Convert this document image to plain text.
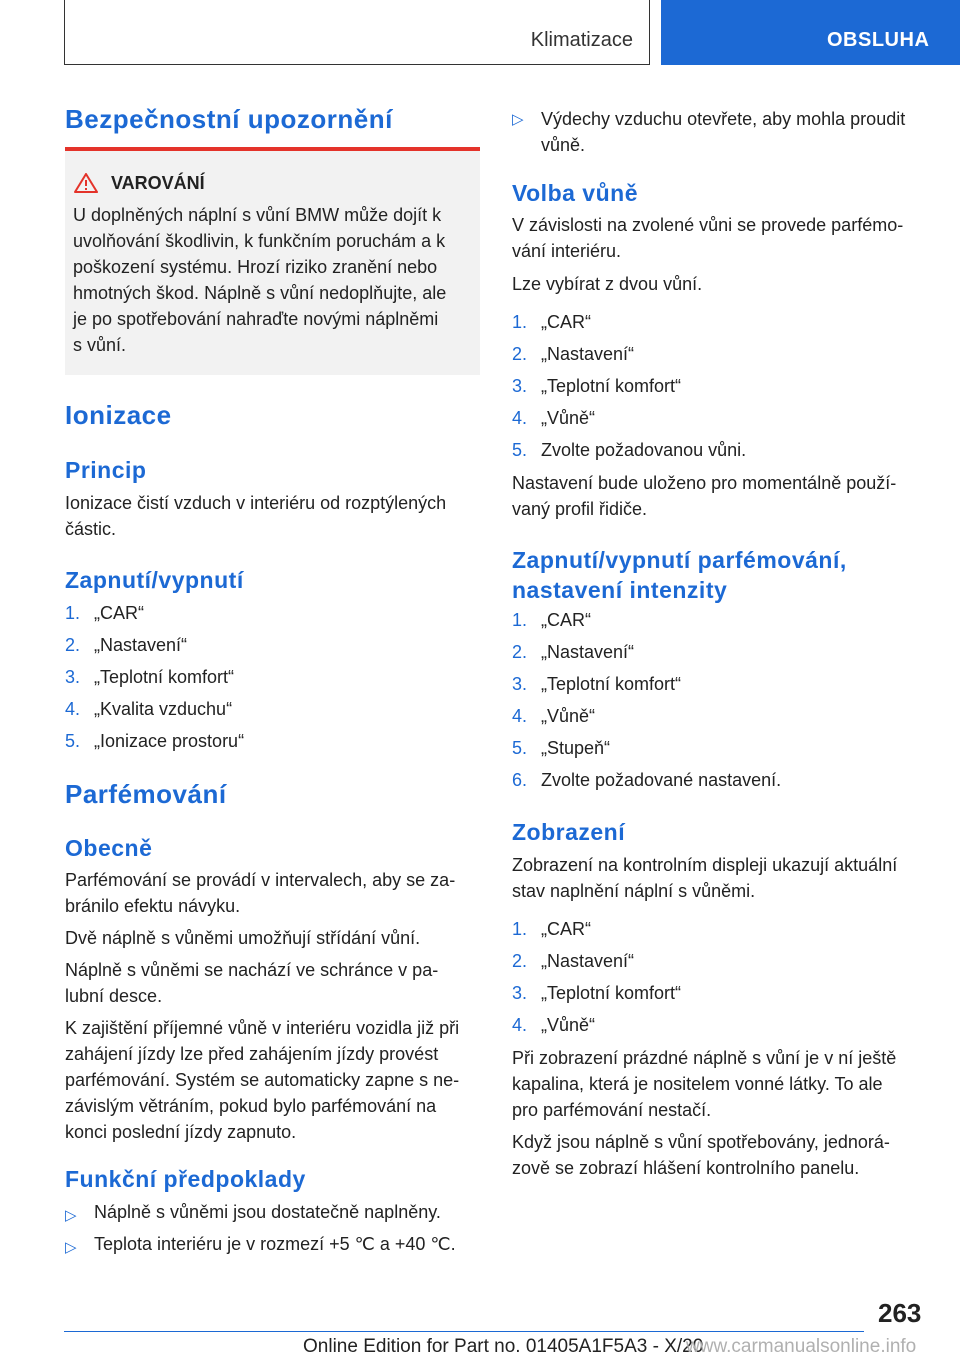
Klimatizace	OBSLUHA
Bezpečnostní upozornění
VAROVÁNÍ
U doplněných náplní s vůní BMW může dojít k
uvolňování škodlivin, k funkčním poruchám a k
poškození systému. Hrozí riziko zranění nebo
hmotných škod. Náplně s vůní nedoplňujte, ale
je po spotřebování nahraďte novými náplněmi
s vůní.
Ionizace
Princip
Ionizace čistí vzduch v interiéru od rozptýlených
částic.
Zapnutí/vypnutí
1. „CAR“
2. „Nastavení“
3. „Teplotní komfort“
4. „Kvalita vzduchu“
5. „Ionizace prostoru“
Parfémování
Obecně
Parfémování se provádí v intervalech, aby se za-
bránilo efektu návyku.
Dvě náplně s vůněmi umožňují střídání vůní.
Náplně s vůněmi se nachází ve schránce v pa-
lubní desce.
K zajištění příjemné vůně v interiéru vozidla již při
zahájení jízdy lze před zahájením jízdy provést
parfémování. Systém se automaticky zapne s ne-
závislým větráním, pokud bylo parfémování na
konci poslední jízdy zapnuto.
Funkční předpoklady
▷ Náplně s vůněmi jsou dostatečně naplněny.
▷ Teplota interiéru je v rozmezí +5 ℃ a +40 ℃.
▷ Výdechy vzduchu otevřete, aby mohla proudit
vůně.
Volba vůně
V závislosti na zvolené vůni se provede parfémo-
vání interiéru.
Lze vybírat z dvou vůní.
1. „CAR“
2. „Nastavení“
3. „Teplotní komfort“
4. „Vůně“
5. Zvolte požadovanou vůni.
Nastavení bude uloženo pro momentálně použí-
vaný profil řidiče.
Zapnutí/vypnutí parfémování,
nastavení intenzity
1. „CAR“
2. „Nastavení“
3. „Teplotní komfort“
4. „Vůně“
5. „Stupeň“
6. Zvolte požadované nastavení.
Zobrazení
Zobrazení na kontrolním displeji ukazují aktuální
stav naplnění náplní s vůněmi.
1. „CAR“
2. „Nastavení“
3. „Teplotní komfort“
4. „Vůně“
Při zobrazení prázdné náplně s vůní je v ní ještě
kapalina, která je nositelem vonné látky. To ale
pro parfémování nestačí.
Když jsou náplně s vůní spotřebovány, jednorá-
zově se zobrazí hlášení kontrolního panelu.
263
Online Edition for Part no. 01405A1F5A3 - X/20
www.carmanualsonline.info
